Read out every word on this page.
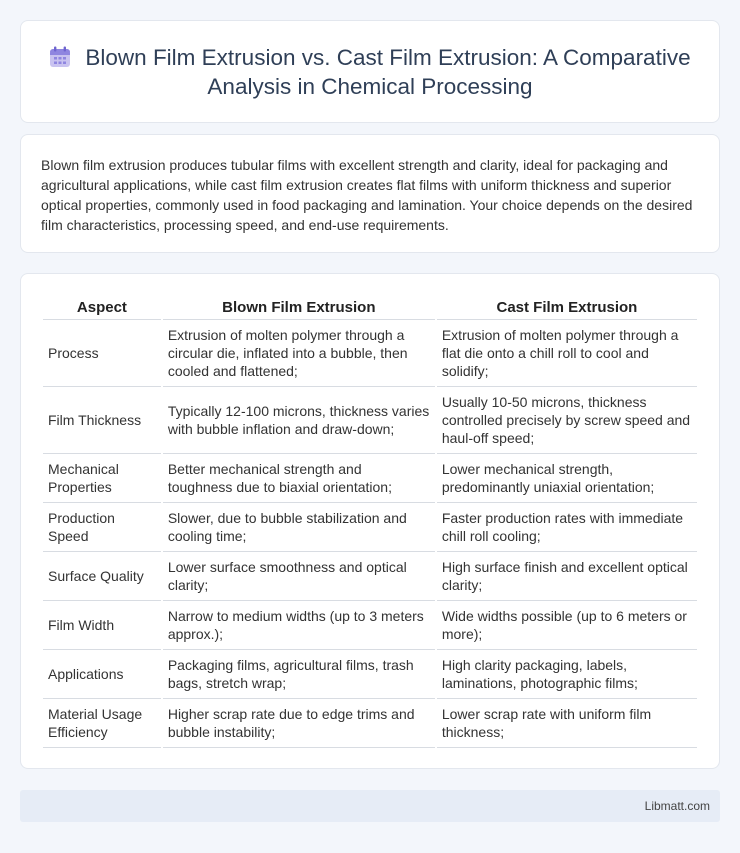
Blown Film Extrusion vs. Cast Film Extrusion: A Comparative Analysis in Chemical Processing

Blown film extrusion produces tubular films with excellent strength and clarity, ideal for packaging and agricultural applications, while cast film extrusion creates flat films with uniform thickness and superior optical properties, commonly used in food packaging and lamination. Your choice depends on the desired film characteristics, processing speed, and end-use requirements.

Aspect	Blown Film Extrusion	Cast Film Extrusion
Process	Extrusion of molten polymer through a circular die, inflated into a bubble, then cooled and flattened;	Extrusion of molten polymer through a flat die onto a chill roll to cool and solidify;
Film Thickness	Typically 12-100 microns, thickness varies with bubble inflation and draw-down;	Usually 10-50 microns, thickness controlled precisely by screw speed and haul-off speed;
Mechanical Properties	Better mechanical strength and toughness due to biaxial orientation;	Lower mechanical strength, predominantly uniaxial orientation;
Production Speed	Slower, due to bubble stabilization and cooling time;	Faster production rates with immediate chill roll cooling;
Surface Quality	Lower surface smoothness and optical clarity;	High surface finish and excellent optical clarity;
Film Width	Narrow to medium widths (up to 3 meters approx.);	Wide widths possible (up to 6 meters or more);
Applications	Packaging films, agricultural films, trash bags, stretch wrap;	High clarity packaging, labels, laminations, photographic films;
Material Usage Efficiency	Higher scrap rate due to edge trims and bubble instability;	Lower scrap rate with uniform film thickness;
Libmatt.com
